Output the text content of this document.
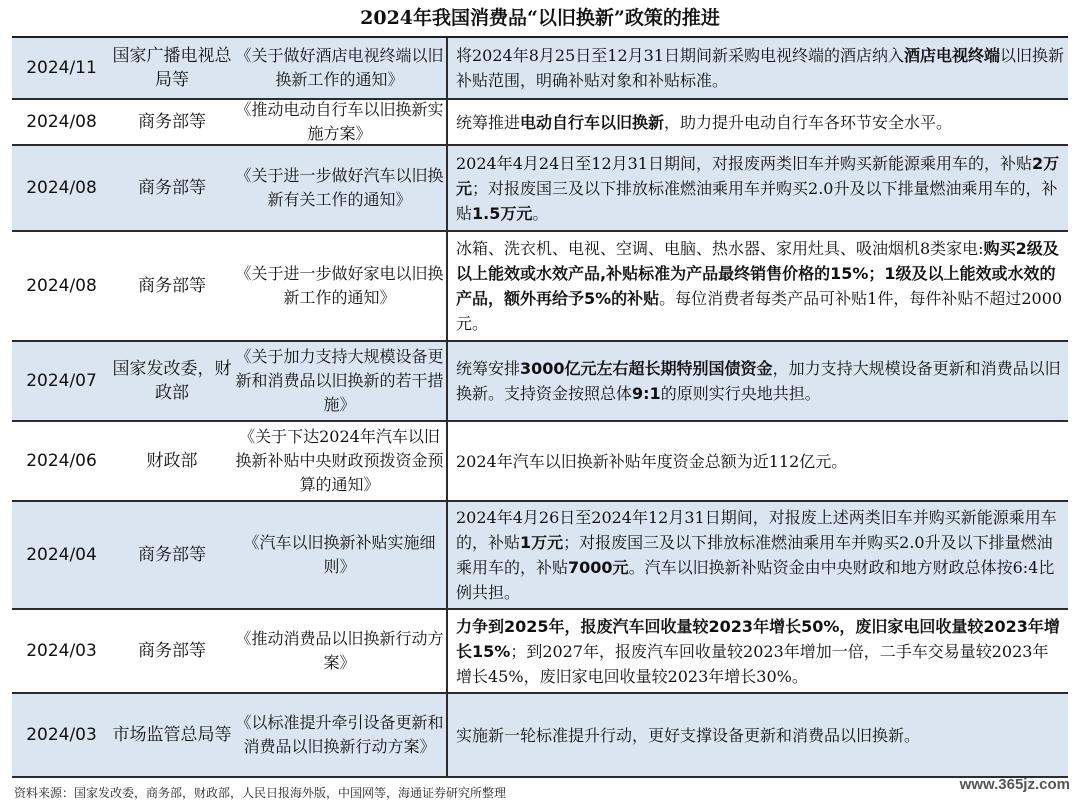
2024年我国消费品“以旧换新”政策的推进
2024/11
国家广播电视总局等
《关于做好酒店电视终端以旧换新工作的通知》
将2024年8月25日至12月31日期间新采购电视终端的酒店纳入酒店电视终端以旧换新补贴范围，明确补贴对象和补贴标准。
2024/08 商务部等
《推动电动自行车以旧换新实施方案》
统筹推进电动自行车以旧换新，助力提升电动自行车各环节安全水平。
2024/08 商务部等
《关于进一步做好汽车以旧换新有关工作的通知》
2024年4月24日至12月31日期间，对报废两类旧车并购买新能源乘用车的，补贴2万元；对报废国三及以下排放标准燃油乘用车并购买2.0升及以下排量燃油乘用车的，补贴1.5万元。
2024/08 商务部等
《关于进一步做好家电以旧换新工作的通知》
冰箱、洗衣机、电视、空调、电脑、热水器、家用灶具、吸油烟机8类家电:购买2级及以上能效或水效产品,补贴标准为产品最终销售价格的15%；1级及以上能效或水效的产品，额外再给予5%的补贴。每位消费者每类产品可补贴1件，每件补贴不超过2000元。
2024/07
国家发改委，财政部
《关于加力支持大规模设备更新和消费品以旧换新的若干措施》
统筹安排3000亿元左右超长期特别国债资金，加力支持大规模设备更新和消费品以旧换新。支持资金按照总体9:1的原则实行央地共担。
2024/06	财政部
《关于下达2024年汽车以旧换新补贴中央财政预拨资金预算的通知》
2024年汽车以旧换新补贴年度资金总额为近112亿元。
2024/04 商务部等
《汽车以旧换新补贴实施细则》
2024年4月26日至2024年12月31日期间，对报废上述两类旧车并购买新能源乘用车的，补贴1万元；对报废国三及以下排放标准燃油乘用车并购买2.0升及以下排量燃油乘用车的，补贴7000元。汽车以旧换新补贴资金由中央财政和地方财政总体按6:4比例共担。
2024/03 商务部等
《推动消费品以旧换新行动方案》
力争到2025年，报废汽车回收量较2023年增长50%，废旧家电回收量较2023年增长15%；到2027年，报废汽车回收量较2023年增加一倍，二手车交易量较2023年增长45%，废旧家电回收量较2023年增长30%。
2024/03 市场监管总局等
《以标准提升牵引设备更新和消费品以旧换新行动方案》
实施新一轮标准提升行动，更好支撑设备更新和消费品以旧换新。
资料来源：国家发改委，商务部，财政部，人民日报海外版，中国网等，海通证券研究所整理	www.365jz.com
